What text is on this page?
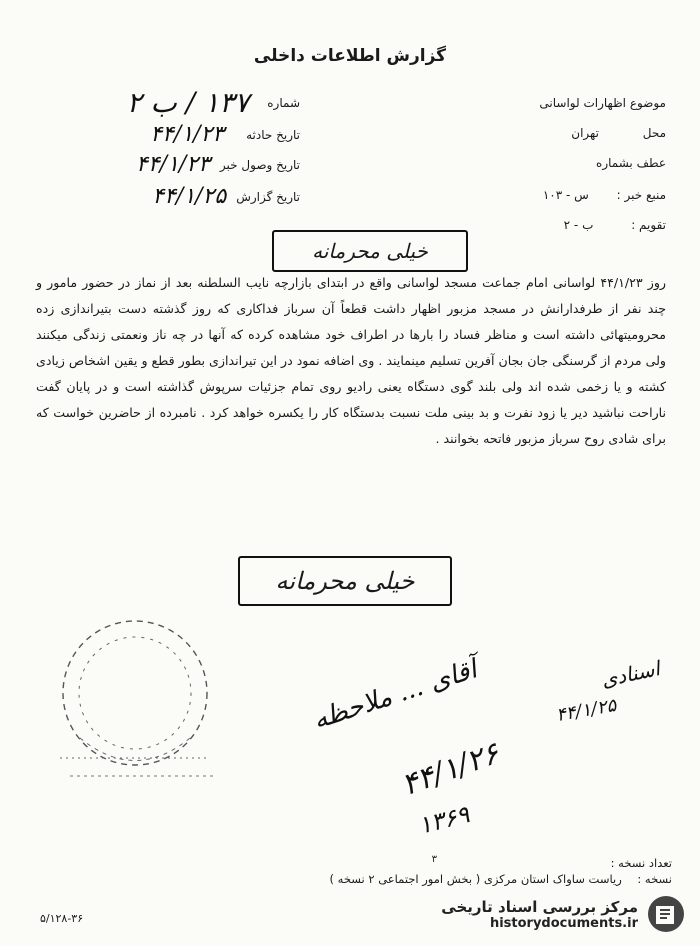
گزارش اطلاعات داخلی
شماره
۱۳۷ / ب ۲
تاریخ حادثه
۴۴/۱/۲۳
تاریخ وصول خبر
۴۴/۱/۲۳
تاریخ گزارش
۴۴/۱/۲۵
موضوع اظهارات لواسانی
محل تهران
عطف بشماره
منبع خبر : س - ۱۰۳
تقویم : ب - ۲
خیلی محرمانه
روز ۴۴/۱/۲۳ لواسانی امام جماعت مسجد لواسانی واقع در ابتدای بازارچه نایب السلطنه بعد از نماز در حضور مامور و چند نفر از طرفدارانش در مسجد مزبور اظهار داشت قطعاً آن سرباز فداکاری که روز گذشته دست بتیراندازی زده محرومیتهائی داشته است و مناظر فساد را بارها در اطراف خود مشاهده کرده که آنها در چه ناز ونعمتی زندگی میکنند ولی مردم از گرسنگی جان بجان آفرین تسلیم مینمایند . وی اضافه نمود در این تیراندازی بطور قطع و یقین اشخاص زیادی کشته و یا زخمی شده اند ولی بلند گوی دستگاه یعنی رادیو روی تمام جزئیات سرپوش گذاشته است و در پایان گفت ناراحت نباشید دیر یا زود نفرت و بد بینی ملت نسبت بدستگاه کار را یکسره خواهد کرد . نامبرده از حاضرین خواست که برای شادی روح سرباز مزبور فاتحه بخوانند .
خیلی محرمانه
اسنادی
۴۴/۱/۲۵
آقای ... ملاحظه
۴۴/۱/۲۶
۱۳۶۹
تعداد نسخه : ۳
نسخه : ریاست ساواک استان مرکزی ( بخش امور اجتماعی ۲ نسخه )
۵/۱۲۸-۳۶
مرکز بررسی اسناد تاریخی
historydocuments.ir
